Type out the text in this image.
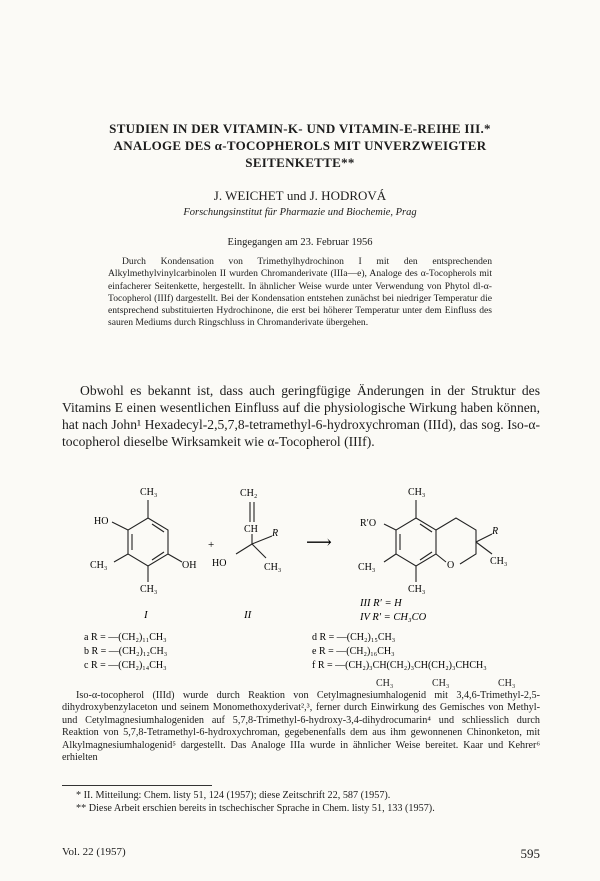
STUDIEN IN DER VITAMIN-K- UND VITAMIN-E-REIHE III.*
ANALOGE DES α-TOCOPHEROLS MIT UNVERZWEIGTER
SEITENKETTE**
J. WEICHET und J. HODROVÁ
Forschungsinstitut für Pharmazie und Biochemie, Prag
Eingegangen am 23. Februar 1956
Durch Kondensation von Trimethylhydrochinon I mit den entsprechenden Alkylmethylvinylcarbinolen II wurden Chromanderivate (IIIa—e), Analoge des α-Tocopherols mit einfacherer Seitenkette, hergestellt. In ähnlicher Weise wurde unter Verwendung von Phytol dl-α-Tocopherol (IIIf) dargestellt. Bei der Kondensation entstehen zunächst bei niedriger Temperatur die entsprechend substituierten Hydrochinone, die erst bei höherer Temperatur unter dem Einfluss des sauren Mediums durch Ringschluss in Chromanderivate übergehen.
Obwohl es bekannt ist, dass auch geringfügige Änderungen in der Struktur des Vitamins E einen wesentlichen Einfluss auf die physiologische Wirkung haben können, hat nach John¹ Hexadecyl-2,5,7,8-tetramethyl-6-hydroxychroman (IIId), das sog. Iso-α-tocopherol dieselbe Wirksamkeit wie α-Tocopherol (IIIf).
CH₃
HO
OH
CH₃
CH₃
I
+
CH₂
CH R
HO	CH₃
II
⟶
CH₃
R′O
CH₃
CH₃
O
R
CH₃
III R′ = H
IV R′ = CH₃CO
a R = —(CH₂)₁₁CH₃
b R = —(CH₂)₁₂CH₃
c R = —(CH₂)₁₄CH₃
d R = —(CH₂)₁₅CH₃
e R = —(CH₂)₁₆CH₃
f R = —(CH₂)₃CH(CH₂)₃CH(CH₂)₃CHCH₃
CH₃	CH₃	CH₃
Iso-α-tocopherol (IIId) wurde durch Reaktion von Cetylmagnesiumhalogenid mit 3,4,6-Trimethyl-2,5-dihydroxybenzylaceton und seinem Monomethoxyderivat²,³, ferner durch Einwirkung des Gemisches von Methyl- und Cetylmagnesiumhalogeniden auf 5,7,8-Trimethyl-6-hydroxy-3,4-dihydrocumarin⁴ und schliesslich durch Reaktion von 5,7,8-Tetramethyl-6-hydroxychroman, gegebenenfalls dem aus ihm gewonnenen Chinonketon, mit Alkylmagnesiumhalogenid⁵ dargestellt. Das Analoge IIIa wurde in ähnlicher Weise bereitet. Kaar und Kehrer⁶ erhielten
* II. Mitteilung: Chem. listy 51, 124 (1957); diese Zeitschrift 22, 587 (1957).
** Diese Arbeit erschien bereits in tschechischer Sprache in Chem. listy 51, 133 (1957).
Vol. 22 (1957)	595
